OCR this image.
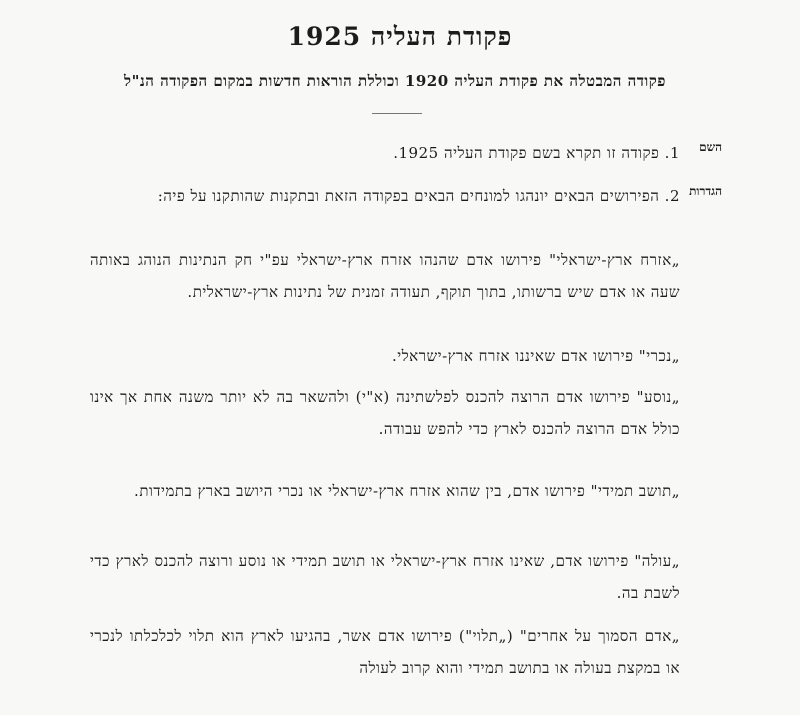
פקודת העליה 1925
פקודה המבטלה את פקודת העליה 1920 וכוללת הוראות חדשות במקום הפקודה הנ"ל
השם
הגדרות
1. פקודה זו תקרא בשם פקודת העליה 1925.
2. הפירושים הבאים יונהגו למונחים הבאים בפקודה הזאת ובתקנות שהותקנו על פיה:
„אזרח ארץ-ישראלי" פירושו אדם שהנהו אזרח ארץ-ישראלי עפ"י חק הנתינות הנוהג באותה שעה או אדם שיש ברשותו, בתוך תוקף, תעודה זמנית של נתינות ארץ-ישראלית.
„נכרי" פירושו אדם שאיננו אזרח ארץ-ישראלי.
„נוסע" פירושו אדם הרוצה להכנס לפלשתינה (א"י) ולהשאר בה לא יותר משנה אחת אך אינו כולל אדם הרוצה להכנס לארץ כדי להפש עבודה.
„תושב תמידי" פירושו אדם, בין שהוא אזרח ארץ-ישראלי או נכרי היושב בארץ בתמידות.
„עולה" פירושו אדם, שאינו אזרח ארץ-ישראלי או תושב תמידי או נוסע ורוצה להכנס לארץ כדי לשבת בה.
„אדם הסמוך על אחרים" („תלוי") פירושו אדם אשר, בהגיעו לארץ הוא תלוי לכלכלתו לנכרי או במקצת בעולה או בתושב תמידי והוא קרוב לעולה
